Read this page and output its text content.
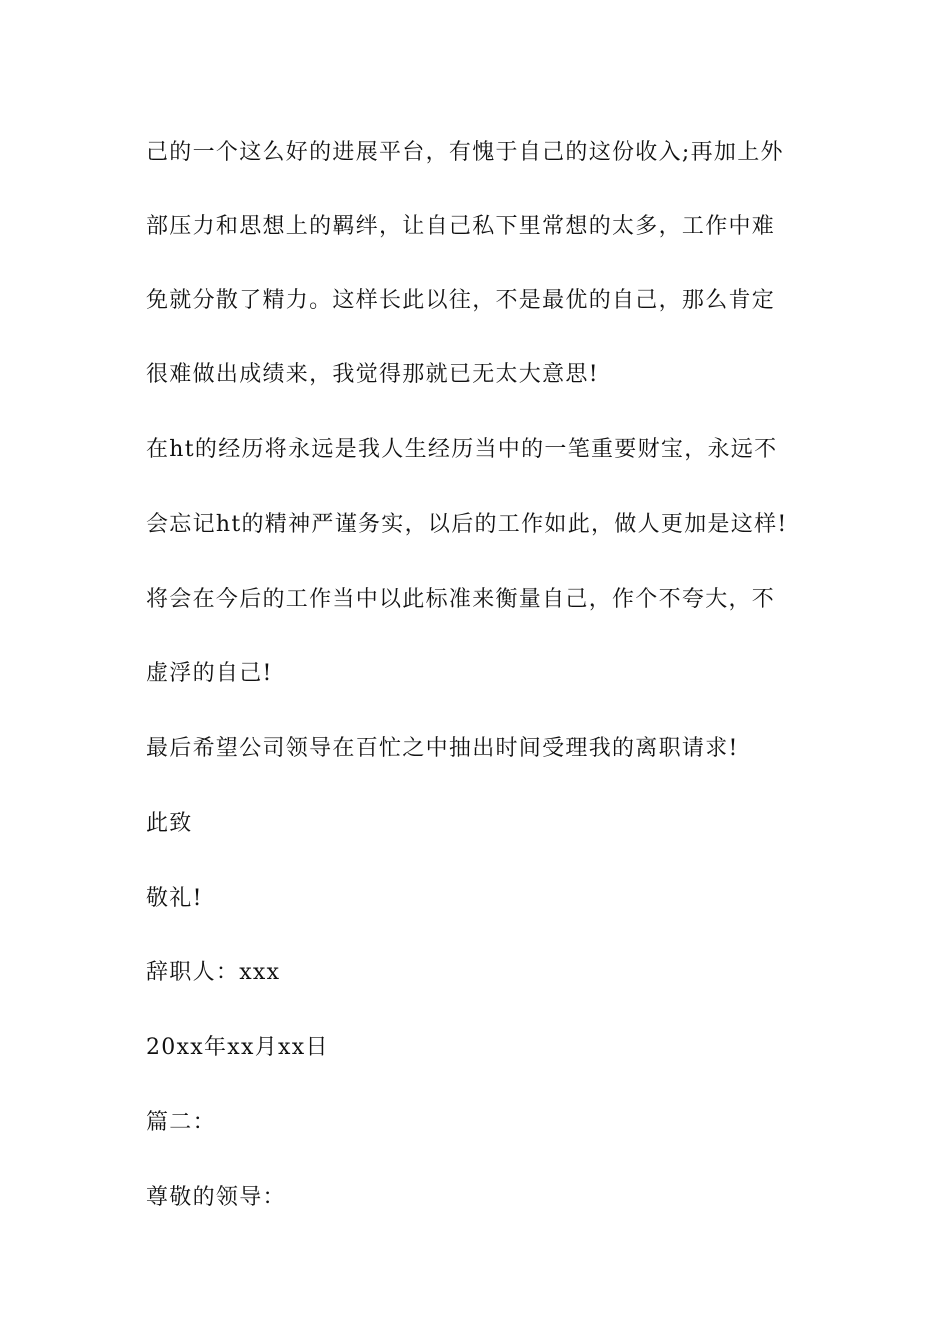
己的一个这么好的进展平台，有愧于自己的这份收入;再加上外
部压力和思想上的羁绊，让自己私下里常想的太多，工作中难
免就分散了精力。这样长此以往，不是最优的自己，那么肯定
很难做出成绩来，我觉得那就已无太大意思!
在ht的经历将永远是我人生经历当中的一笔重要财宝，永远不
会忘记ht的精神严谨务实，以后的工作如此，做人更加是这样!
将会在今后的工作当中以此标准来衡量自己，作个不夸大，不
虚浮的自己!
最后希望公司领导在百忙之中抽出时间受理我的离职请求!
此致
敬礼!
辞职人：xxx
20xx年xx月xx日
篇二：
尊敬的领导：
